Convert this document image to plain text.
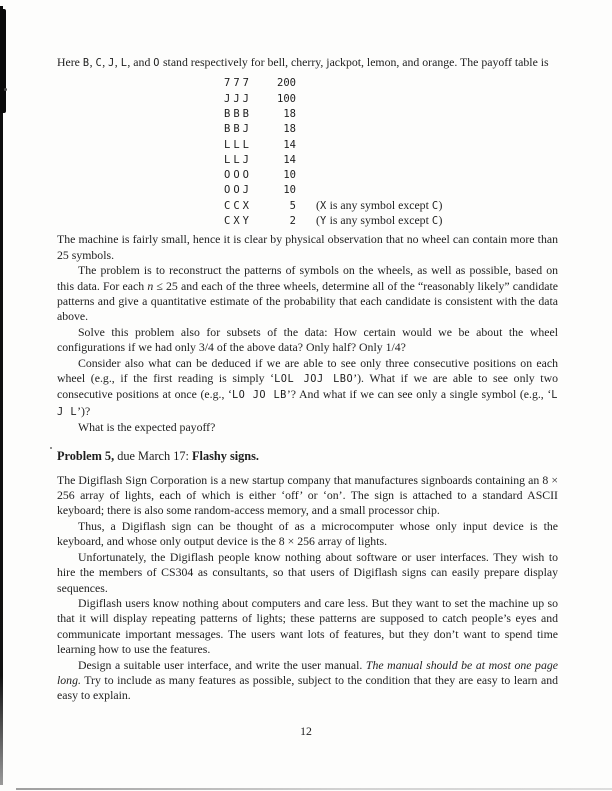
Here B, C, J, L, and O stand respectively for bell, cherry, jackpot, lemon, and orange. The payoff table is
777 200
JJJ 100
BBB	18
BBJ	18
LLL	14
LLJ	14
OOO	10
OOJ	10
CCX	5 (X is any symbol except C)
CXY	2 (Y is any symbol except C)
The machine is fairly small, hence it is clear by physical observation that no wheel can contain more than 25 symbols.
The problem is to reconstruct the patterns of symbols on the wheels, as well as possible, based on this data. For each n ≤ 25 and each of the three wheels, determine all of the “reasonably likely” candidate patterns and give a quantitative estimate of the probability that each candidate is consistent with the data above.
Solve this problem also for subsets of the data: How certain would we be about the wheel configurations if we had only 3/4 of the above data? Only half? Only 1/4?
Consider also what can be deduced if we are able to see only three consecutive positions on each wheel (e.g., if the first reading is simply ‘LOL JOJ LBO’). What if we are able to see only two consecutive positions at once (e.g., ‘LO JO LB’? And what if we can see only a single symbol (e.g., ‘L J L’)?
What is the expected payoff?
Problem 5, due March 17: Flashy signs.
The Digiflash Sign Corporation is a new startup company that manufactures signboards containing an 8 × 256 array of lights, each of which is either ‘off’ or ‘on’. The sign is attached to a standard ASCII keyboard; there is also some random-access memory, and a small processor chip.
Thus, a Digiflash sign can be thought of as a microcomputer whose only input device is the keyboard, and whose only output device is the 8 × 256 array of lights.
Unfortunately, the Digiflash people know nothing about software or user interfaces. They wish to hire the members of CS304 as consultants, so that users of Digiflash signs can easily prepare display sequences.
Digiflash users know nothing about computers and care less. But they want to set the machine up so that it will display repeating patterns of lights; these patterns are supposed to catch people’s eyes and communicate important messages. The users want lots of features, but they don’t want to spend time learning how to use the features.
Design a suitable user interface, and write the user manual. The manual should be at most one page long. Try to include as many features as possible, subject to the condition that they are easy to learn and easy to explain.
12
